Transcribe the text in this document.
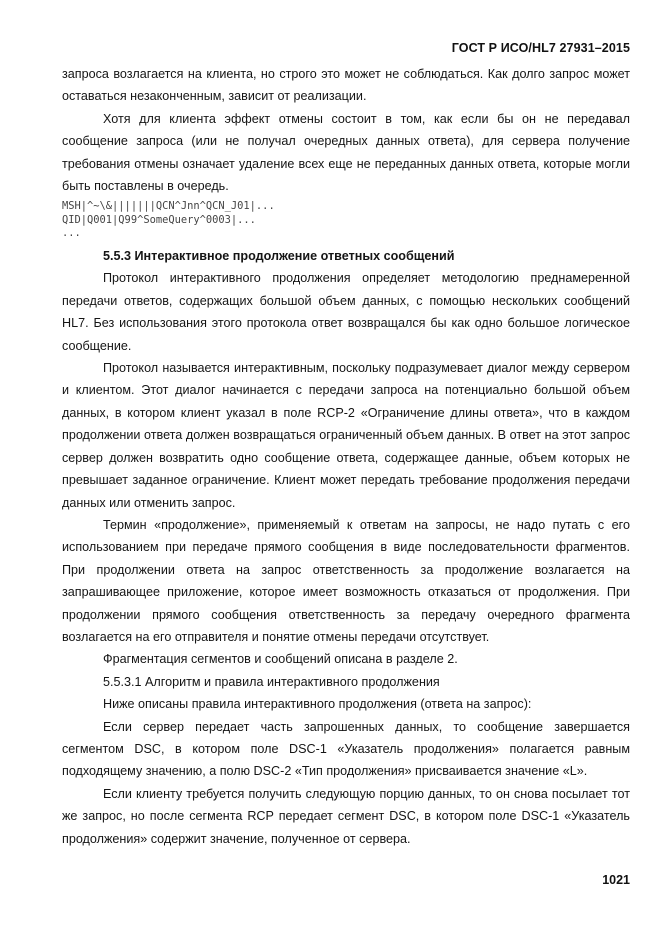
ГОСТ Р ИСО/HL7 27931–2015

запроса возлагается на клиента, но строго это может не соблюдаться. Как долго запрос может оставаться незаконченным, зависит от реализации.

Хотя для клиента эффект отмены состоит в том, как если бы он не передавал сообщение запроса (или не получал очередных данных ответа), для сервера получение требования отмены означает удаление всех еще не переданных данных ответа, которые могли быть поставлены в очередь.

MSH|^~\&|||||||QCN^Jnn^QCN_J01|...
QID|Q001|Q99^SomeQuery^0003|...
...

5.5.3 Интерактивное продолжение ответных сообщений

Протокол интерактивного продолжения определяет методологию преднамеренной передачи ответов, содержащих большой объем данных, с помощью нескольких сообщений HL7. Без использования этого протокола ответ возвращался бы как одно большое логическое сообщение.

Протокол называется интерактивным, поскольку подразумевает диалог между сервером и клиентом. Этот диалог начинается с передачи запроса на потенциально большой объем данных, в котором клиент указал в поле RCP-2 «Ограничение длины ответа», что в каждом продолжении ответа должен возвращаться ограниченный объем данных. В ответ на этот запрос сервер должен возвратить одно сообщение ответа, содержащее данные, объем которых не превышает заданное ограничение. Клиент может передать требование продолжения передачи данных или отменить запрос.

Термин «продолжение», применяемый к ответам на запросы, не надо путать с его использованием при передаче прямого сообщения в виде последовательности фрагментов. При продолжении ответа на запрос ответственность за продолжение возлагается на запрашивающее приложение, которое имеет возможность отказаться от продолжения. При продолжении прямого сообщения ответственность за передачу очередного фрагмента возлагается на его отправителя и понятие отмены передачи отсутствует.

Фрагментация сегментов и сообщений описана в разделе 2.

5.5.3.1 Алгоритм и правила интерактивного продолжения

Ниже описаны правила интерактивного продолжения (ответа на запрос):

Если сервер передает часть запрошенных данных, то сообщение завершается сегментом DSC, в котором поле DSC-1 «Указатель продолжения» полагается равным подходящему значению, а полю DSC-2 «Тип продолжения» присваивается значение «L».

Если клиенту требуется получить следующую порцию данных, то он снова посылает тот же запрос, но после сегмента RCP передает сегмент DSC, в котором поле DSC-1 «Указатель продолжения» содержит значение, полученное от сервера.

1021
